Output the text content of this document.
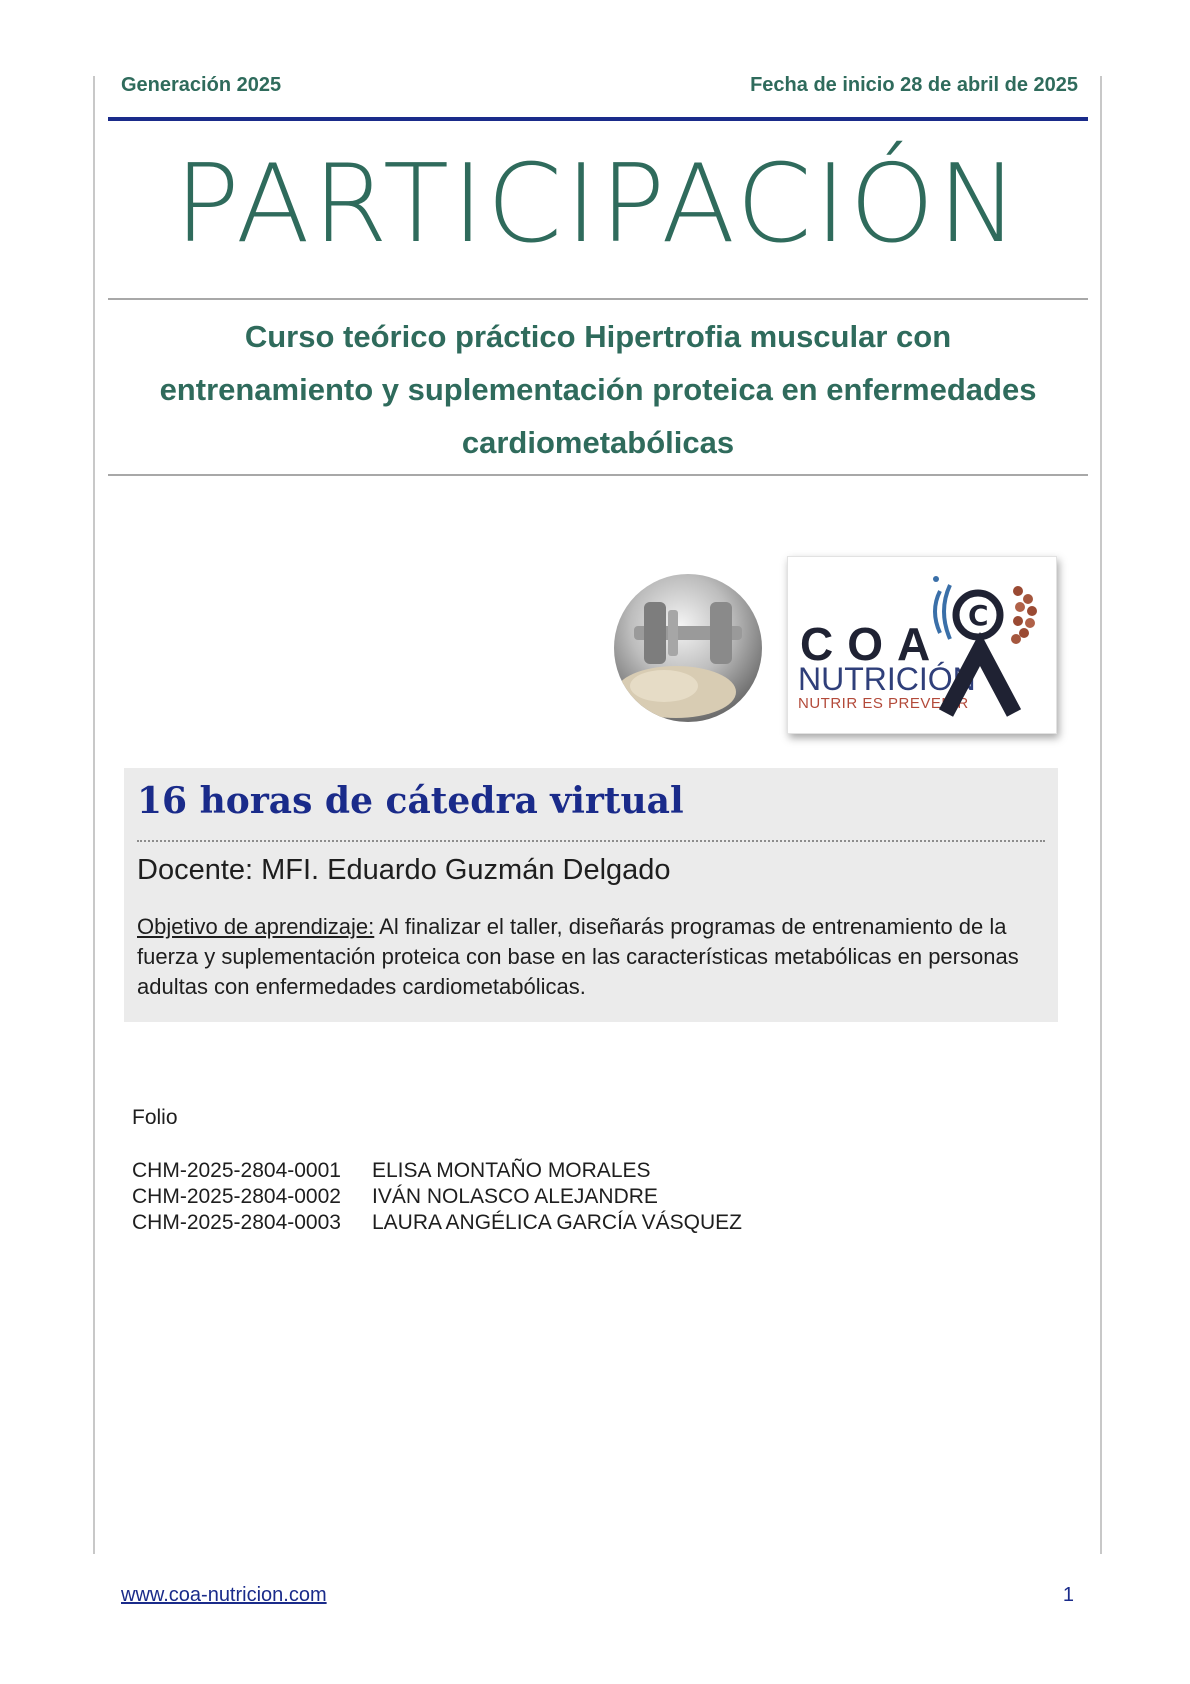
Generación 2025	Fecha de inicio 28 de abril de 2025
PARTICIPACIÓN
Curso teórico práctico Hipertrofia muscular con
entrenamiento y suplementación proteica en enfermedades
cardiometabólicas
COA
NUTRICIÓN
NUTRIR ES PREVENIR
C
16 horas de cátedra virtual
Docente: MFI. Eduardo Guzmán Delgado
Objetivo de aprendizaje: Al finalizar el taller, diseñarás programas de entrenamiento de la fuerza y suplementación proteica con base en las características metabólicas en personas adultas con enfermedades cardiometabólicas.
Folio
CHM-2025-2804-0001	ELISA MONTAÑO MORALES
CHM-2025-2804-0002	IVÁN NOLASCO ALEJANDRE
CHM-2025-2804-0003	LAURA ANGÉLICA GARCÍA VÁSQUEZ
www.coa-nutricion.com	1
